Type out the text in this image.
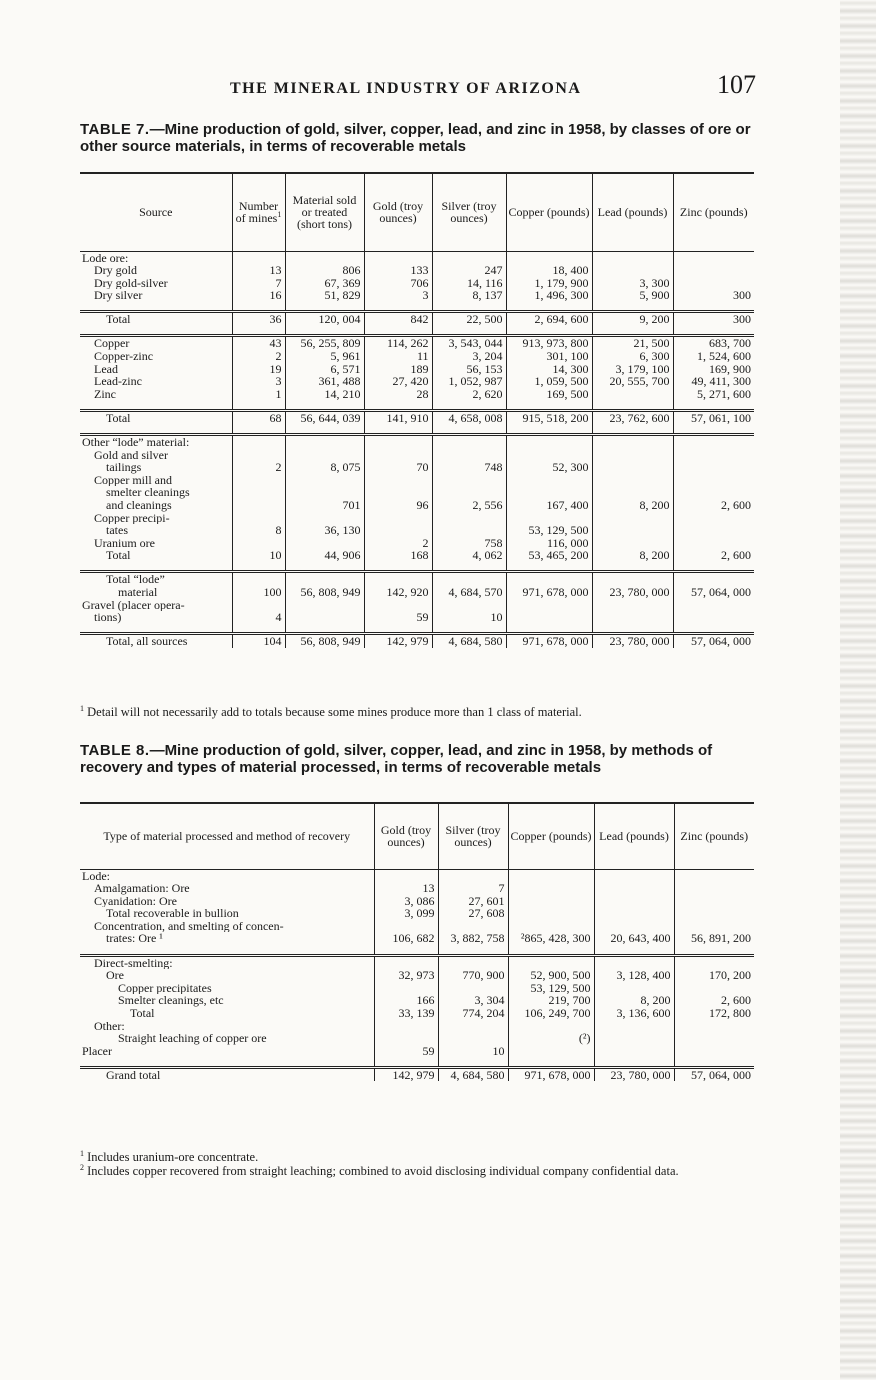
THE MINERAL INDUSTRY OF ARIZONA	107
TABLE 7.—Mine production of gold, silver, copper, lead, and zinc in 1958, by classes of ore or other source materials, in terms of recoverable metals
Source	Number of mines$^1$	Material sold or treated (short tons)	Gold (troy ounces)	Silver (troy ounces)	Copper (pounds)	Lead (pounds)	Zinc (pounds)
Lode ore:							
Dry gold	13	806	133	247	18, 400		
Dry gold-silver	7	67, 369	706	14, 116	1, 179, 900	3, 300	
Dry silver	16	51, 829	3	8, 137	1, 496, 300	5, 900	300

Total	36	120, 004	842	22, 500	2, 694, 600	9, 200	300

Copper	43	56, 255, 809	114, 262	3, 543, 044	913, 973, 800	21, 500	683, 700
Copper-zinc	2	5, 961	11	3, 204	301, 100	6, 300	1, 524, 600
Lead	19	6, 571	189	56, 153	14, 300	3, 179, 100	169, 900
Lead-zinc	3	361, 488	27, 420	1, 052, 987	1, 059, 500	20, 555, 700	49, 411, 300
Zinc	1	14, 210	28	2, 620	169, 500		5, 271, 600

Total	68	56, 644, 039	141, 910	4, 658, 008	915, 518, 200	23, 762, 600	57, 061, 100

Other “lode” material:							
Gold and silver							
tailings	2	8, 075	70	748	52, 300		
Copper mill and							
smelter cleanings							
and cleanings		701	96	2, 556	167, 400	8, 200	2, 600
Copper precipi-							
tates	8	36, 130			53, 129, 500		
Uranium ore			2	758	116, 000		
Total	10	44, 906	168	4, 062	53, 465, 200	8, 200	2, 600

Total “lode”							
material	100	56, 808, 949	142, 920	4, 684, 570	971, 678, 000	23, 780, 000	57, 064, 000
Gravel (placer opera-							
tions)	4		59	10			

Total, all sources	104	56, 808, 949	142, 979	4, 684, 580	971, 678, 000	23, 780, 000	57, 064, 000
$^1$ Detail will not necessarily add to totals because some mines produce more than 1 class of material.
TABLE 8.—Mine production of gold, silver, copper, lead, and zinc in 1958, by methods of recovery and types of material processed, in terms of recoverable metals
Type of material processed and method of recovery	Gold (troy ounces)	Silver (troy ounces)	Copper (pounds)	Lead (pounds)	Zinc (pounds)
Lode:					
Amalgamation: Ore	13	7			
Cyanidation: Ore	3, 086	27, 601			
Total recoverable in bullion	3, 099	27, 608			
Concentration, and smelting of concen-					
trates: Ore ¹	106, 682	3, 882, 758	²865, 428, 300	20, 643, 400	56, 891, 200

Direct-smelting:					
Ore	32, 973	770, 900	52, 900, 500	3, 128, 400	170, 200
Copper precipitates			53, 129, 500		
Smelter cleanings, etc	166	3, 304	219, 700	8, 200	2, 600
Total	33, 139	774, 204	106, 249, 700	3, 136, 600	172, 800
Other:					
Straight leaching of copper ore			(²)		
Placer	59	10			

Grand total	142, 979	4, 684, 580	971, 678, 000	23, 780, 000	57, 064, 000
$^1$ Includes uranium-ore concentrate.
$^2$ Includes copper recovered from straight leaching; combined to avoid disclosing individual company confidential data.
